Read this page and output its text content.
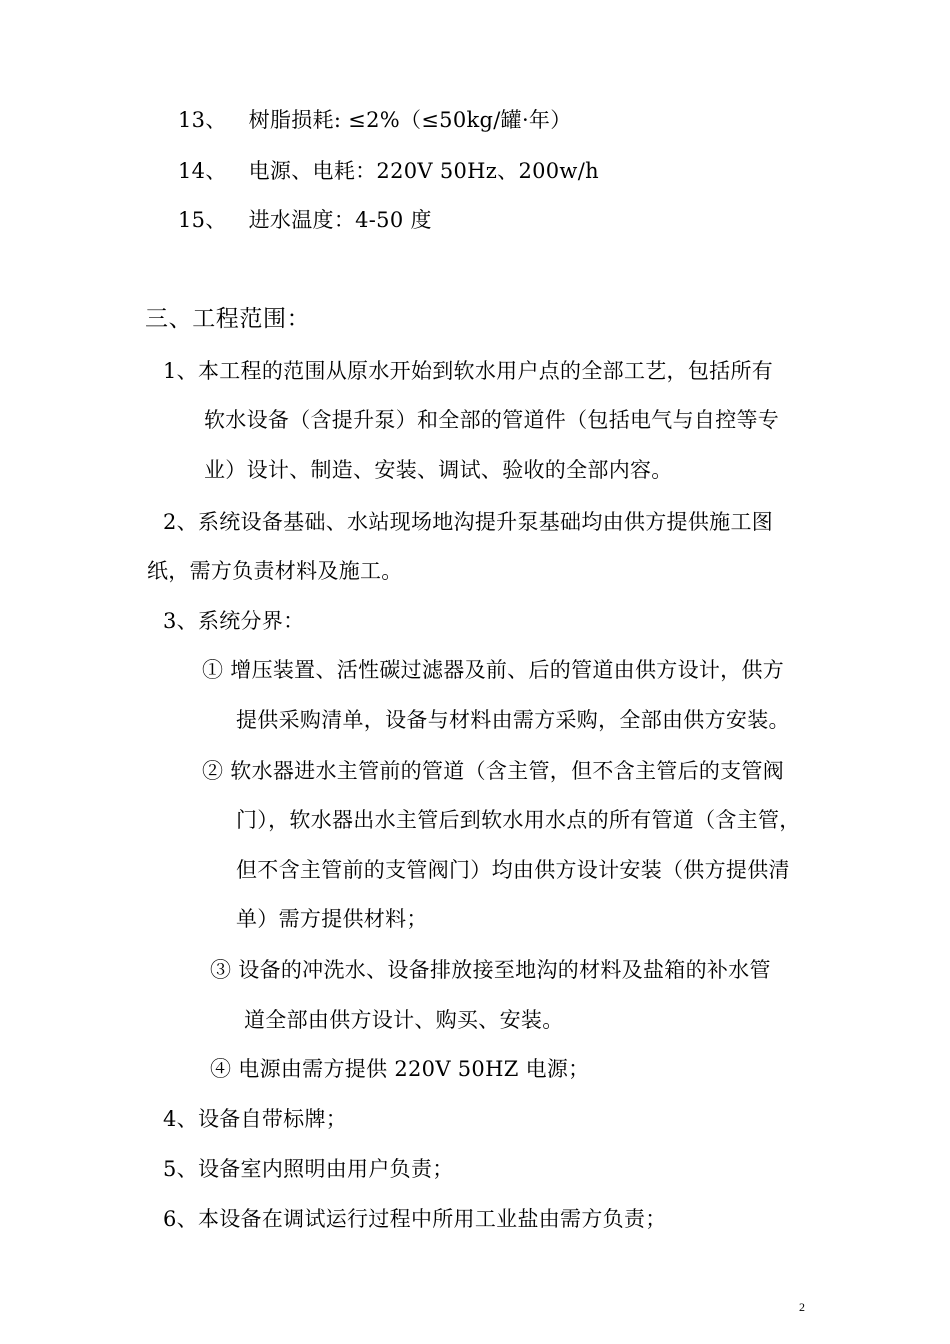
13、 树脂损耗: ≤2%（≤50kg/罐·年）
14、 电源、电耗：220V 50Hz、200w/h
15、 进水温度：4-50 度
三、工程范围：
1、本工程的范围从原水开始到软水用户点的全部工艺，包括所有
软水设备（含提升泵）和全部的管道件（包括电气与自控等专
业）设计、制造、安装、调试、验收的全部内容。
2、系统设备基础、水站现场地沟提升泵基础均由供方提供施工图
纸，需方负责材料及施工。
3、系统分界：
① 增压装置、活性碳过滤器及前、后的管道由供方设计，供方
提供采购清单，设备与材料由需方采购，全部由供方安装。
② 软水器进水主管前的管道（含主管，但不含主管后的支管阀
门），软水器出水主管后到软水用水点的所有管道（含主管，
但不含主管前的支管阀门）均由供方设计安装（供方提供清
单）需方提供材料；
③ 设备的冲洗水、设备排放接至地沟的材料及盐箱的补水管
道全部由供方设计、购买、安装。
④ 电源由需方提供 220V 50HZ 电源；
4、设备自带标牌；
5、设备室内照明由用户负责；
6、本设备在调试运行过程中所用工业盐由需方负责；
2
